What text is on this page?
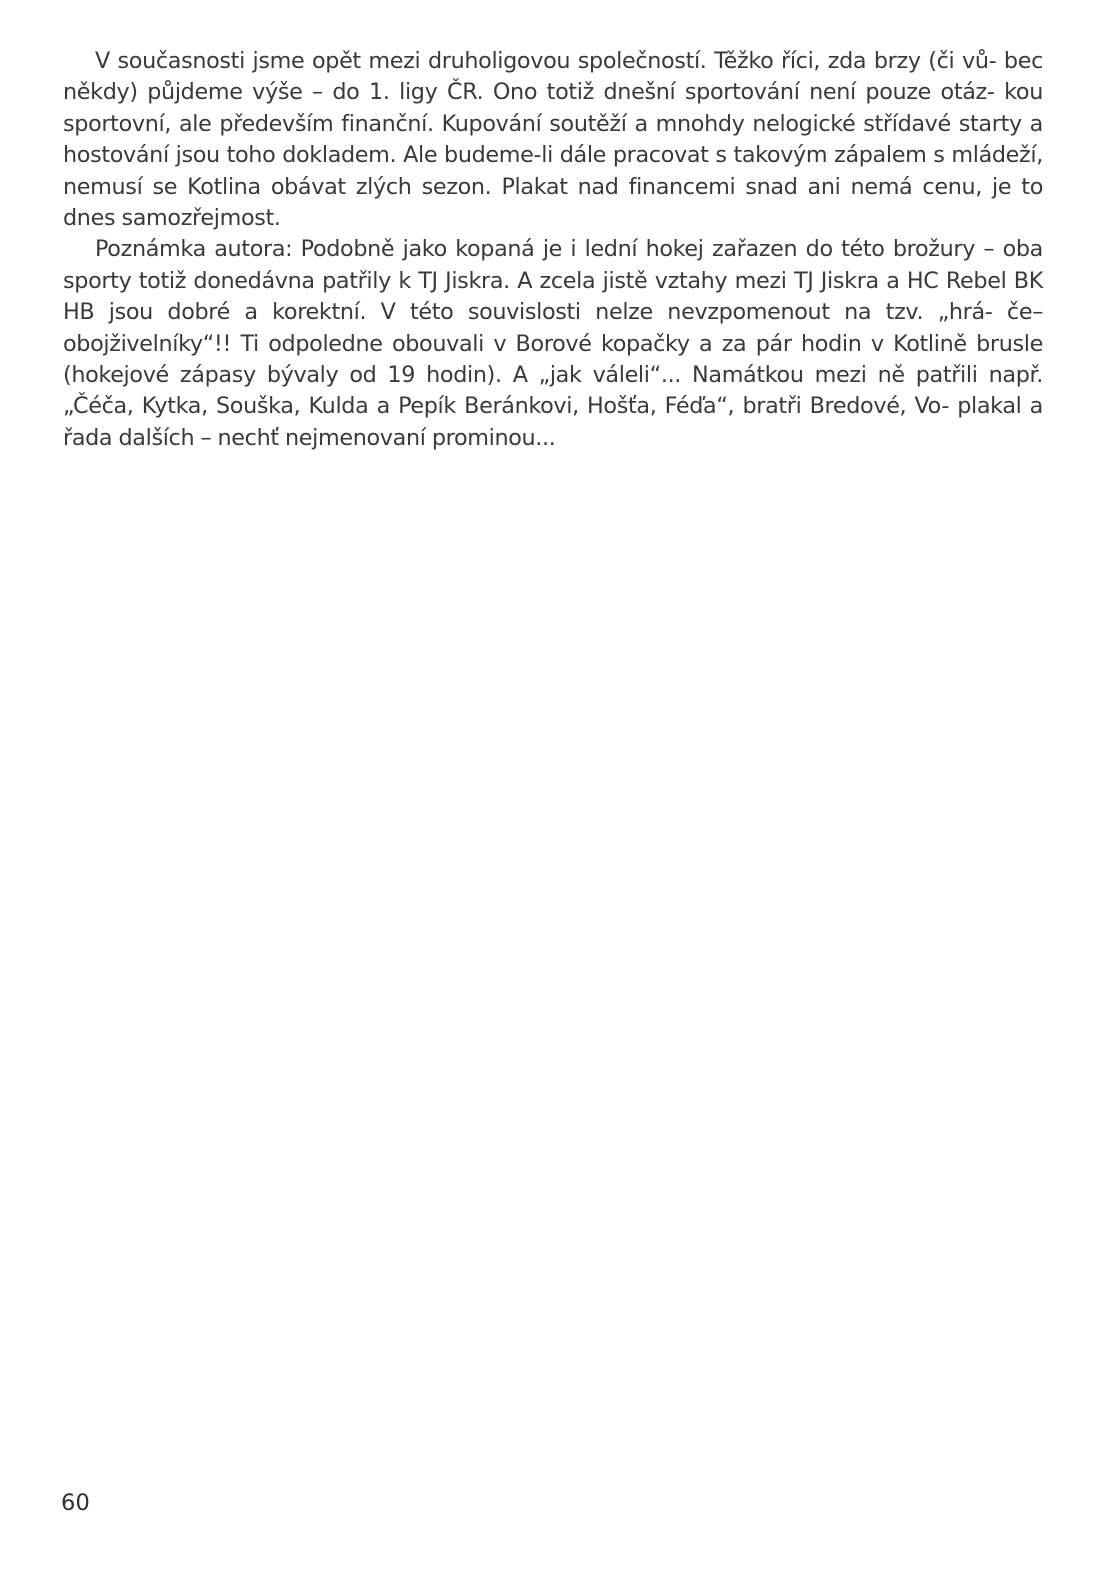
V současnosti jsme opět mezi druholigovou společností. Těžko říci, zda brzy (či vů- bec někdy) půjdeme výše – do 1. ligy ČR. Ono totiž dnešní sportování není pouze otáz- kou sportovní, ale především finanční. Kupování soutěží a mnohdy nelogické střídavé starty a hostování jsou toho dokladem. Ale budeme-li dále pracovat s takovým zápalem s mládeží, nemusí se Kotlina obávat zlých sezon. Plakat nad financemi snad ani nemá cenu, je to dnes samozřejmost.

Poznámka autora: Podobně jako kopaná je i lední hokej zařazen do této brožury – oba sporty totiž donedávna patřily k TJ Jiskra. A zcela jistě vztahy mezi TJ Jiskra a HC Rebel BK HB jsou dobré a korektní. V této souvislosti nelze nevzpomenout na tzv. „hrá- če–obojživelníky“!! Ti odpoledne obouvali v Borové kopačky a za pár hodin v Kotlině brusle (hokejové zápasy bývaly od 19 hodin). A „jak váleli“... Namátkou mezi ně patřili např. „Čéča, Kytka, Souška, Kulda a Pepík Beránkovi, Hošťa, Féďa“, bratři Bredové, Vo- plakal a řada dalších – nechť nejmenovaní prominou...

60
